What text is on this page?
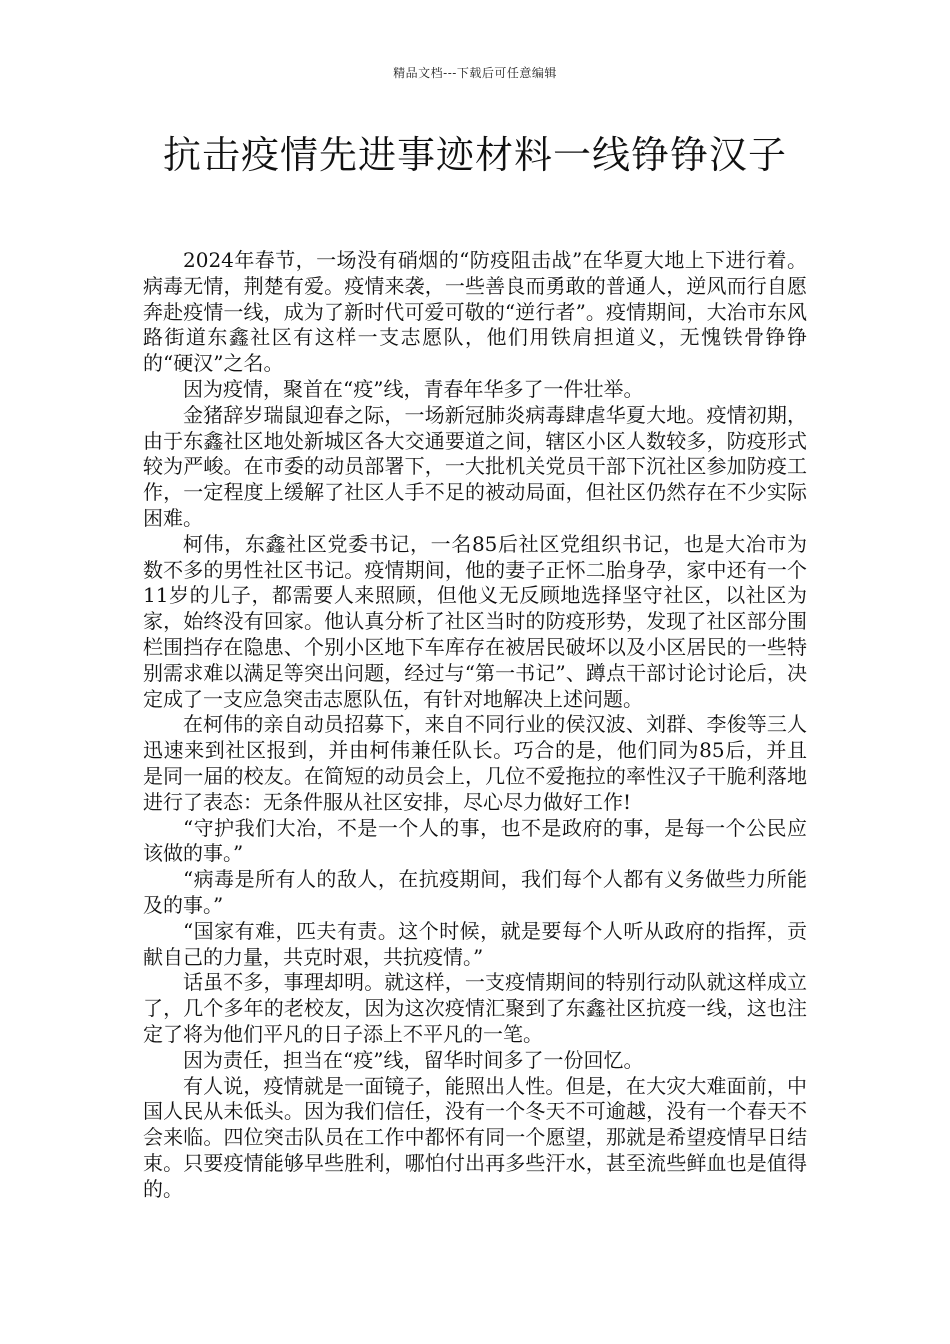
精品文档---下载后可任意编辑
抗击疫情先进事迹材料一线铮铮汉子

2024年春节，一场没有硝烟的“防疫阻击战”在华夏大地上下进行着。病毒无情，荆楚有爱。疫情来袭，一些善良而勇敢的普通人，逆风而行自愿奔赴疫情一线，成为了新时代可爱可敬的“逆行者”。疫情期间，大冶市东风路街道东鑫社区有这样一支志愿队，他们用铁肩担道义，无愧铁骨铮铮的“硬汉”之名。

因为疫情，聚首在“疫”线，青春年华多了一件壮举。

金猪辞岁瑞鼠迎春之际，一场新冠肺炎病毒肆虐华夏大地。疫情初期，由于东鑫社区地处新城区各大交通要道之间，辖区小区人数较多，防疫形式较为严峻。在市委的动员部署下，一大批机关党员干部下沉社区参加防疫工作，一定程度上缓解了社区人手不足的被动局面，但社区仍然存在不少实际困难。

柯伟，东鑫社区党委书记，一名85后社区党组织书记，也是大冶市为数不多的男性社区书记。疫情期间，他的妻子正怀二胎身孕，家中还有一个11岁的儿子，都需要人来照顾，但他义无反顾地选择坚守社区，以社区为家，始终没有回家。他认真分析了社区当时的防疫形势，发现了社区部分围栏围挡存在隐患、个别小区地下车库存在被居民破坏以及小区居民的一些特别需求难以满足等突出问题，经过与“第一书记”、蹲点干部讨论讨论后，决定成了一支应急突击志愿队伍，有针对地解决上述问题。

在柯伟的亲自动员招募下，来自不同行业的侯汉波、刘群、李俊等三人迅速来到社区报到，并由柯伟兼任队长。巧合的是，他们同为85后，并且是同一届的校友。在简短的动员会上，几位不爱拖拉的率性汉子干脆利落地进行了表态：无条件服从社区安排，尽心尽力做好工作!

“守护我们大冶，不是一个人的事，也不是政府的事，是每一个公民应该做的事。”

“病毒是所有人的敌人，在抗疫期间，我们每个人都有义务做些力所能及的事。”

“国家有难，匹夫有责。这个时候，就是要每个人听从政府的指挥，贡献自己的力量，共克时艰，共抗疫情。”

话虽不多，事理却明。就这样，一支疫情期间的特别行动队就这样成立了，几个多年的老校友，因为这次疫情汇聚到了东鑫社区抗疫一线，这也注定了将为他们平凡的日子添上不平凡的一笔。

因为责任，担当在“疫”线，留华时间多了一份回忆。

有人说，疫情就是一面镜子，能照出人性。但是，在大灾大难面前，中国人民从未低头。因为我们信任，没有一个冬天不可逾越，没有一个春天不会来临。四位突击队员在工作中都怀有同一个愿望，那就是希望疫情早日结束。只要疫情能够早些胜利，哪怕付出再多些汗水，甚至流些鲜血也是值得的。
